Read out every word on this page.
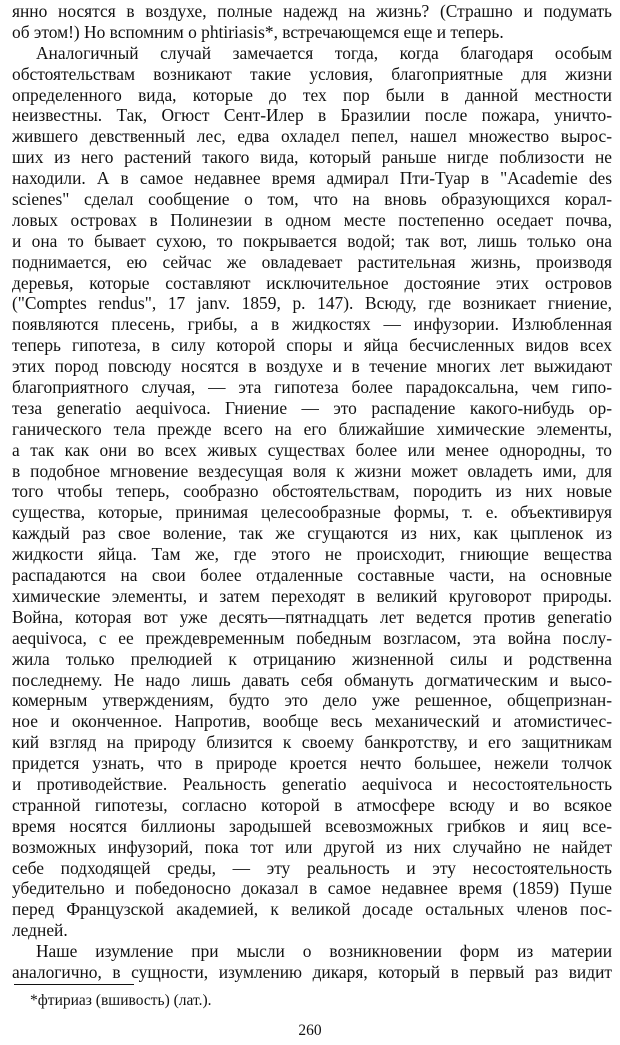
янно носятся в воздухе, полные надежд на жизнь? (Страшно и подумать
об этом!) Но вспомним о phtiriasis*, встречающемся еще и теперь.
Аналогичный случай замечается тогда, когда благодаря особым
обстоятельствам возникают такие условия, благоприятные для жизни
определенного вида, которые до тех пор были в данной местности
неизвестны. Так, Огюст Сент-Илер в Бразилии после пожара, уничто-
жившего девственный лес, едва охладел пепел, нашел множество вырос-
ших из него растений такого вида, который раньше нигде поблизости не
находили. А в самое недавнее время адмирал Пти-Туар в "Academie des
scienes" сделал сообщение о том, что на вновь образующихся корал-
ловых островах в Полинезии в одном месте постепенно оседает почва,
и она то бывает сухою, то покрывается водой; так вот, лишь только она
поднимается, ею сейчас же овладевает растительная жизнь, производя
деревья, которые составляют исключительное достояние этих островов
("Comptes rendus", 17 janv. 1859, p. 147). Всюду, где возникает гниение,
появляются плесень, грибы, а в жидкостях — инфузории. Излюбленная
теперь гипотеза, в силу которой споры и яйца бесчисленных видов всех
этих пород повсюду носятся в воздухе и в течение многих лет выжидают
благоприятного случая, — эта гипотеза более парадоксальна, чем гипо-
теза generatio aequivoca. Гниение — это распадение какого-нибудь ор-
ганического тела прежде всего на его ближайшие химические элементы,
а так как они во всех живых существах более или менее однородны, то
в подобное мгновение вездесущая воля к жизни может овладеть ими, для
того чтобы теперь, сообразно обстоятельствам, породить из них новые
существа, которые, принимая целесообразные формы, т. е. объективируя
каждый раз свое воление, так же сгущаются из них, как цыпленок из
жидкости яйца. Там же, где этого не происходит, гниющие вещества
распадаются на свои более отдаленные составные части, на основные
химические элементы, и затем переходят в великий круговорот природы.
Война, которая вот уже десять—пятнадцать лет ведется против generatio
aequivoca, с ее преждевременным победным возгласом, эта война послу-
жила только прелюдией к отрицанию жизненной силы и родственна
последнему. Не надо лишь давать себя обмануть догматическим и высо-
комерным утверждениям, будто это дело уже решенное, общепризнан-
ное и оконченное. Напротив, вообще весь механический и атомистичес-
кий взгляд на природу близится к своему банкротству, и его защитникам
придется узнать, что в природе кроется нечто большее, нежели толчок
и противодействие. Реальность generatio aequivoca и несостоятельность
странной гипотезы, согласно которой в атмосфере всюду и во всякое
время носятся биллионы зародышей всевозможных грибков и яиц все-
возможных инфузорий, пока тот или другой из них случайно не найдет
себе подходящей среды, — эту реальность и эту несостоятельность
убедительно и победоносно доказал в самое недавнее время (1859) Пуше
перед Французской академией, к великой досаде остальных членов пос-
ледней.
Наше изумление при мысли о возникновении форм из материи
аналогично, в сущности, изумлению дикаря, который в первый раз видит
*фтириаз (вшивость) (лат.).
260
